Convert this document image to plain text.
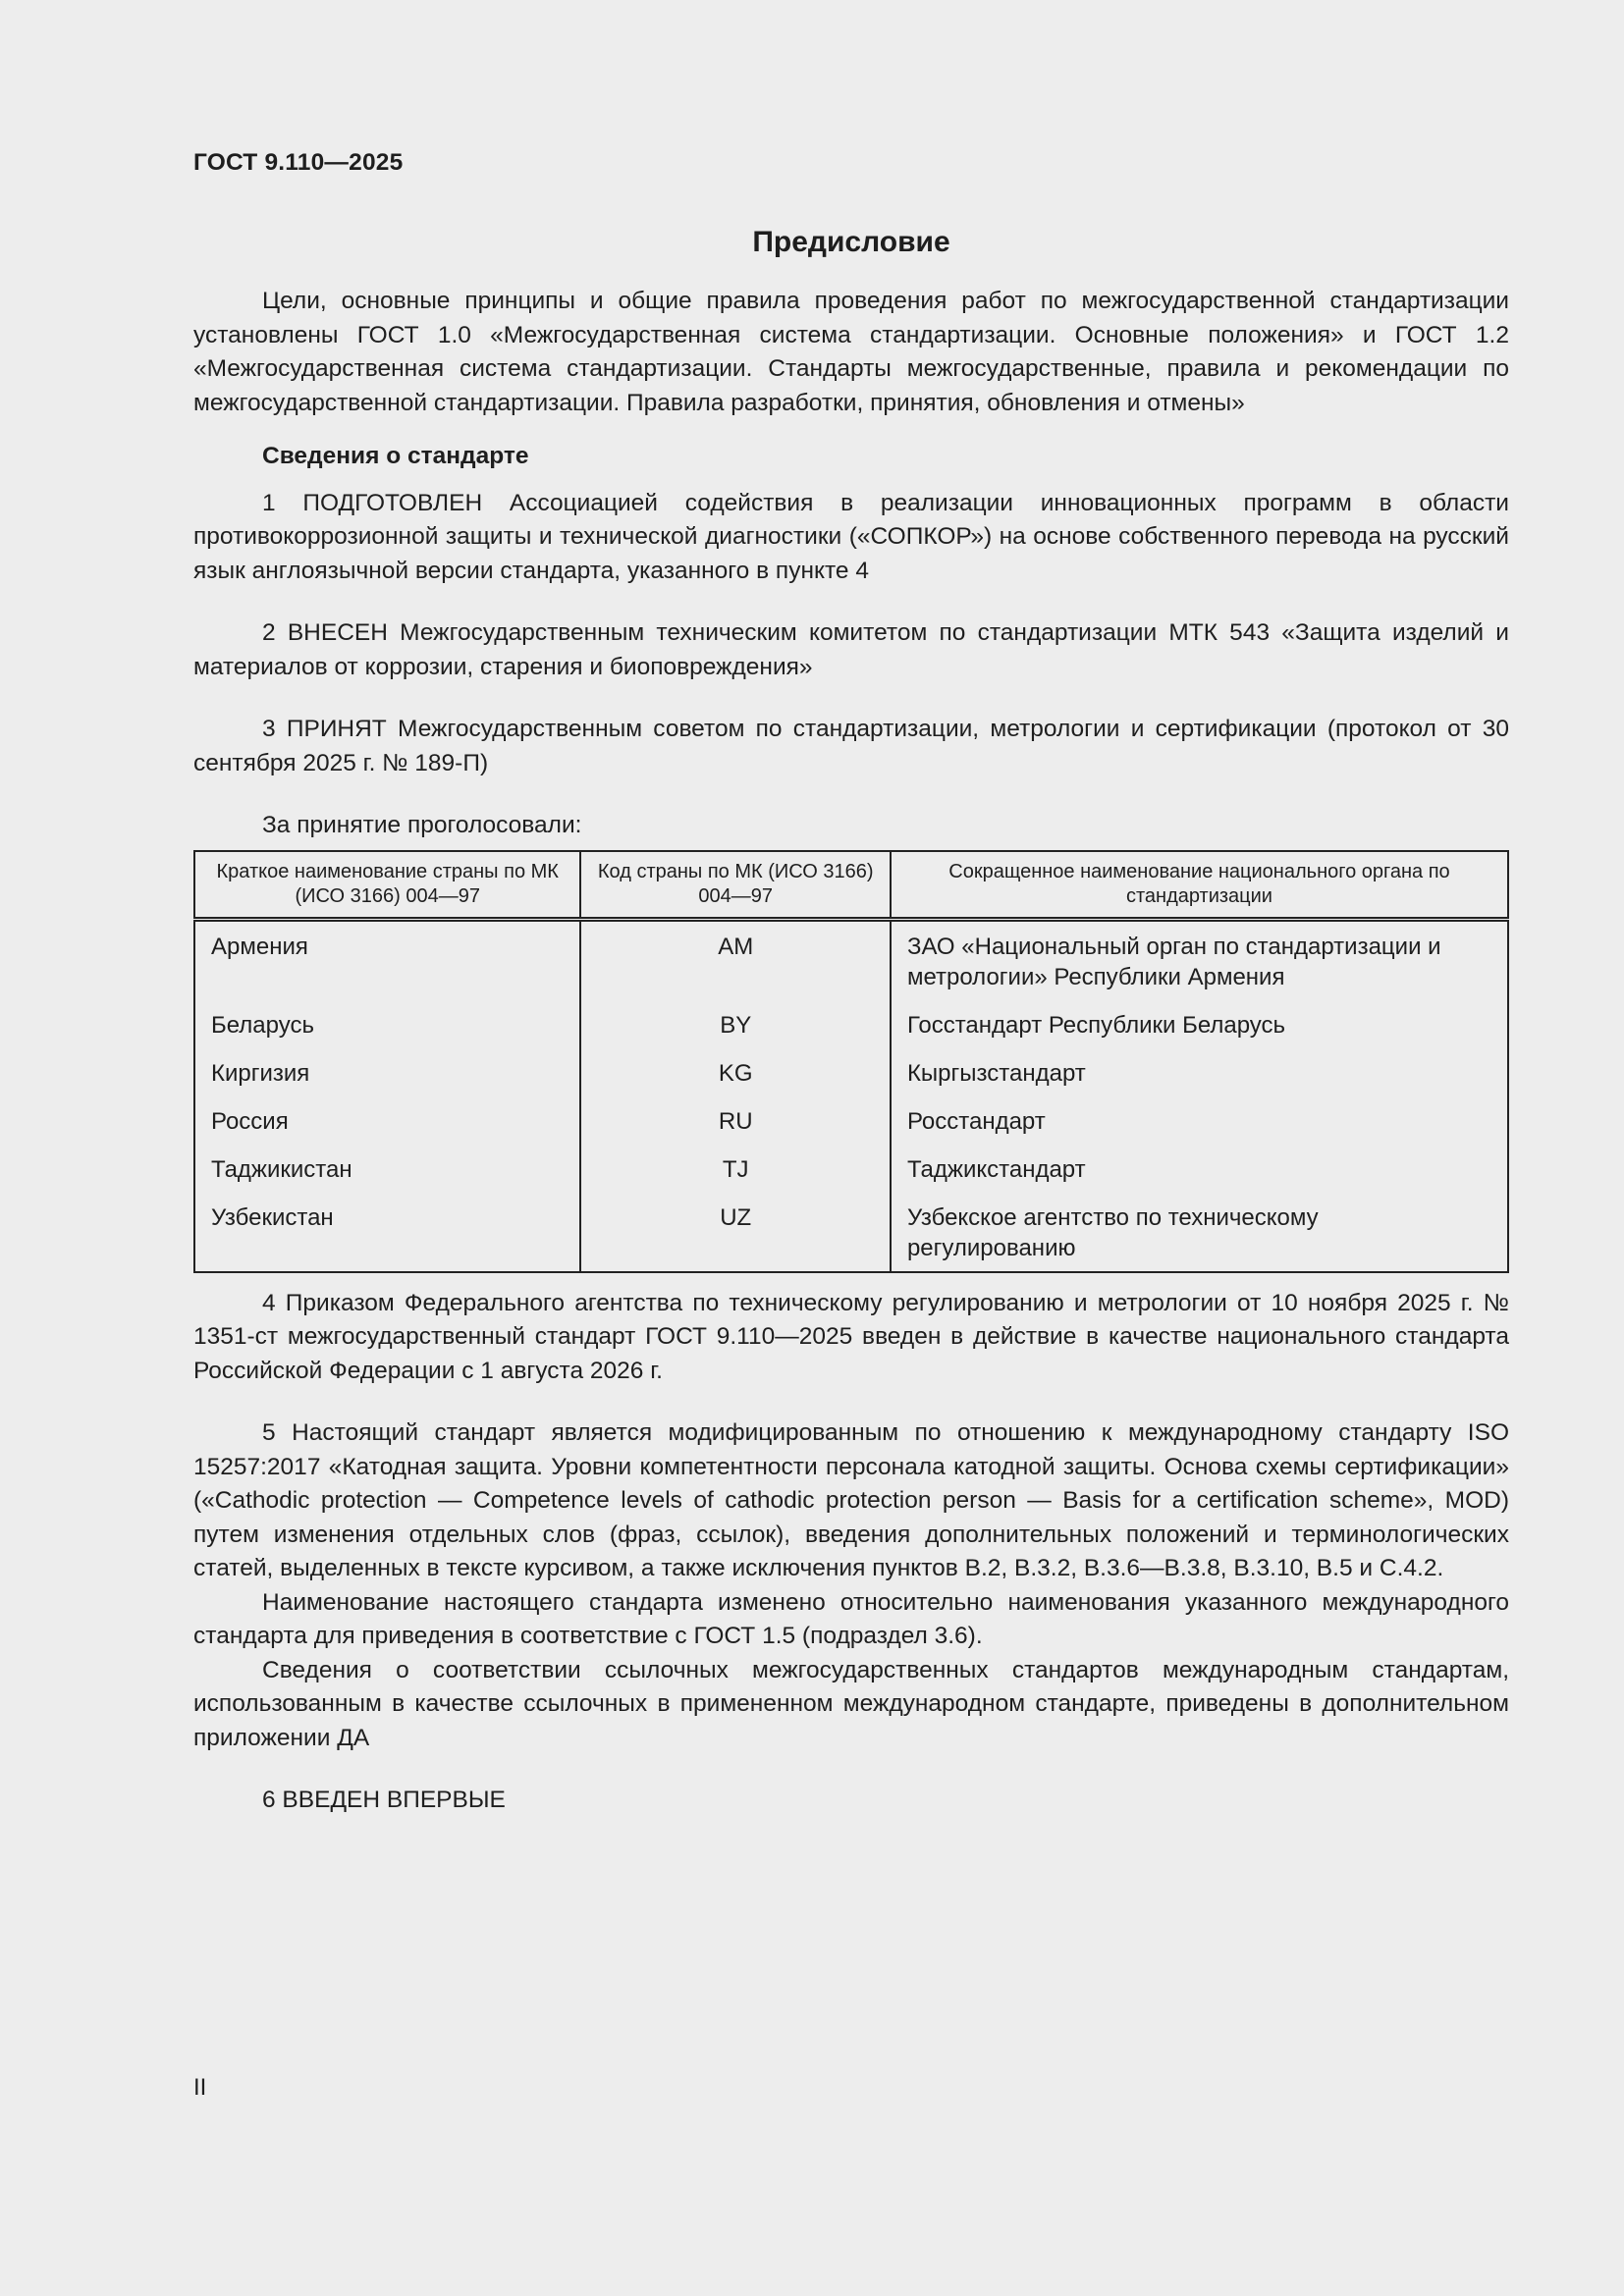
ГОСТ 9.110—2025
Предисловие

Цели, основные принципы и общие правила проведения работ по межгосударственной стандартизации установлены ГОСТ 1.0 «Межгосударственная система стандартизации. Основные положения» и ГОСТ 1.2 «Межгосударственная система стандартизации. Стандарты межгосударственные, правила и рекомендации по межгосударственной стандартизации. Правила разработки, принятия, обновления и отмены»

Сведения о стандарте

1 ПОДГОТОВЛЕН Ассоциацией содействия в реализации инновационных программ в области противокоррозионной защиты и технической диагностики («СОПКОР») на основе собственного перевода на русский язык англоязычной версии стандарта, указанного в пункте 4

2 ВНЕСЕН Межгосударственным техническим комитетом по стандартизации МТК 543 «Защита изделий и материалов от коррозии, старения и биоповреждения»

3 ПРИНЯТ Межгосударственным советом по стандартизации, метрологии и сертификации (протокол от 30 сентября 2025 г. № 189-П)

За принятие проголосовали:

Краткое наименование страны по МК (ИСО 3166) 004—97	Код страны по МК (ИСО 3166) 004—97	Сокращенное наименование национального органа по стандартизации
Армения	AM	ЗАО «Национальный орган по стандартизации и метрологии» Республики Армения
Беларусь	BY	Госстандарт Республики Беларусь
Киргизия	KG	Кыргызстандарт
Россия	RU	Росстандарт
Таджикистан	TJ	Таджикстандарт
Узбекистан	UZ	Узбекское агентство по техническому регулированию

4 Приказом Федерального агентства по техническому регулированию и метрологии от 10 ноября 2025 г. № 1351-ст межгосударственный стандарт ГОСТ 9.110—2025 введен в действие в качестве национального стандарта Российской Федерации с 1 августа 2026 г.

5 Настоящий стандарт является модифицированным по отношению к международному стандарту ISO 15257:2017 «Катодная защита. Уровни компетентности персонала катодной защиты. Основа схемы сертификации» («Cathodic protection — Competence levels of cathodic protection person — Basis for a certification scheme», MOD) путем изменения отдельных слов (фраз, ссылок), введения дополнительных положений и терминологических статей, выделенных в тексте курсивом, а также исключения пунктов В.2, В.3.2, В.3.6—В.3.8, В.3.10, В.5 и С.4.2.

Наименование настоящего стандарта изменено относительно наименования указанного международного стандарта для приведения в соответствие с ГОСТ 1.5 (подраздел 3.6).

Сведения о соответствии ссылочных межгосударственных стандартов международным стандартам, использованным в качестве ссылочных в примененном международном стандарте, приведены в дополнительном приложении ДА

6 ВВЕДЕН ВПЕРВЫЕ

II
